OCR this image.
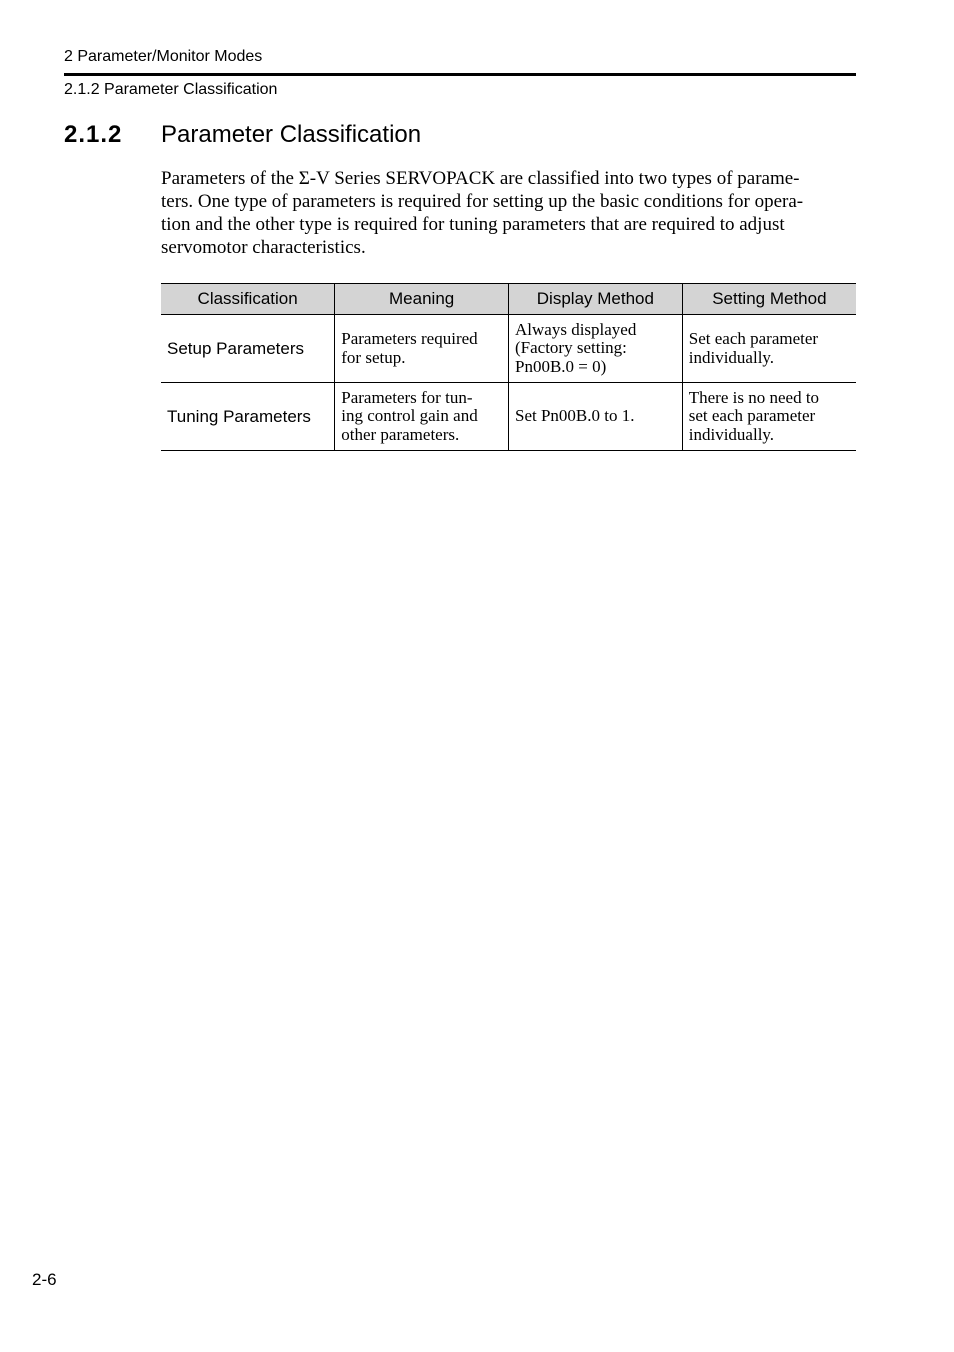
2 Parameter/Monitor Modes
2.1.2 Parameter Classification
2.1.2 Parameter Classification

Parameters of the Σ-V Series SERVOPACK are classified into two types of parame-
ters. One type of parameters is required for setting up the basic conditions for opera-
tion and the other type is required for tuning parameters that are required to adjust
servomotor characteristics.

Classification	Meaning	Display Method	Setting Method
Setup Parameters	Parameters required
for setup.	Always displayed
(Factory setting:
Pn00B.0 = 0)	Set each parameter
individually.

Tuning Parameters	Parameters for tun-
ing control gain and
other parameters.	Set Pn00B.0 to 1.	There is no need to
set each parameter
individually.
2-6
